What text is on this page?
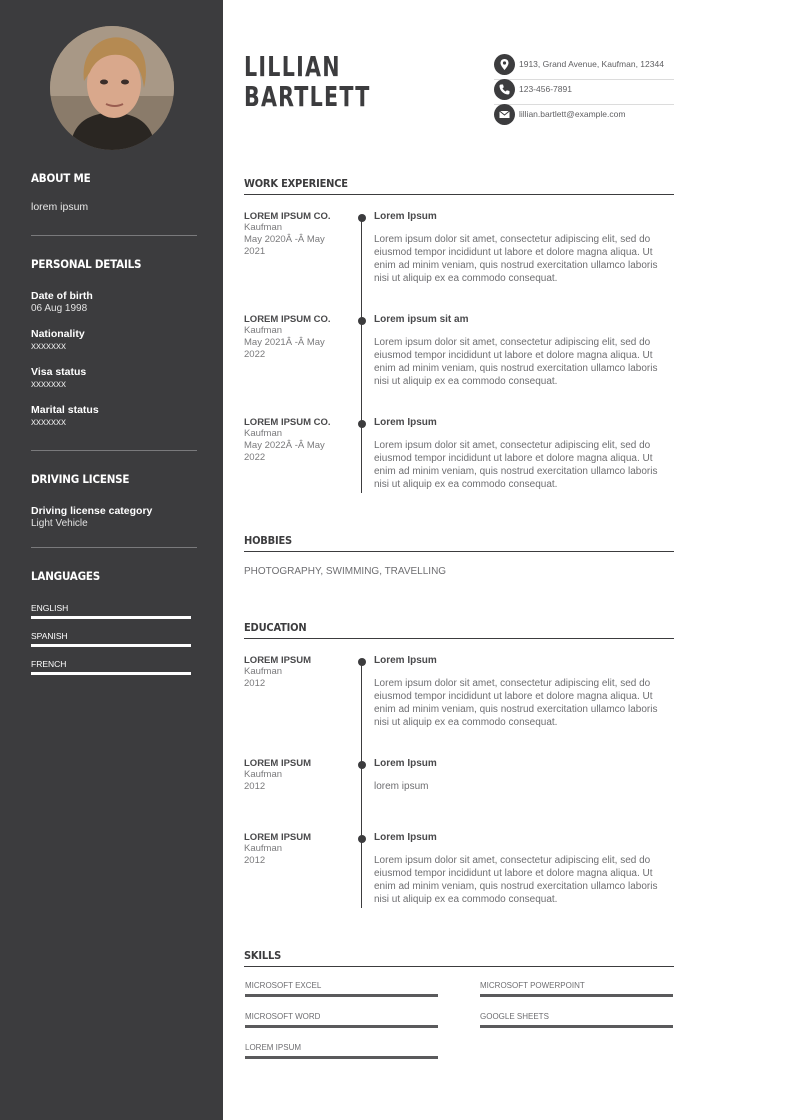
ABOUT ME
lorem ipsum
PERSONAL DETAILS
Date of birth
06 Aug 1998
Nationality
xxxxxxx
Visa status
xxxxxxx
Marital status
xxxxxxx
DRIVING LICENSE
Driving license category
Light Vehicle
LANGUAGES
ENGLISH
SPANISH
FRENCH
LILLIAN
BARTLETT
1913, Grand Avenue, Kaufman, 12344
123-456-7891
lillian.bartlett@example.com
WORK EXPERIENCE
LOREM IPSUM CO.
Kaufman
May 2020Â -Â May
2021
Lorem Ipsum
Lorem ipsum dolor sit amet, consectetur adipiscing elit, sed do eiusmod tempor incididunt ut labore et dolore magna aliqua. Ut enim ad minim veniam, quis nostrud exercitation ullamco laboris nisi ut aliquip ex ea commodo consequat.
LOREM IPSUM CO.
Kaufman
May 2021Â -Â May
2022
Lorem ipsum sit am
Lorem ipsum dolor sit amet, consectetur adipiscing elit, sed do eiusmod tempor incididunt ut labore et dolore magna aliqua. Ut enim ad minim veniam, quis nostrud exercitation ullamco laboris nisi ut aliquip ex ea commodo consequat.
LOREM IPSUM CO.
Kaufman
May 2022Â -Â May
2022
Lorem Ipsum
Lorem ipsum dolor sit amet, consectetur adipiscing elit, sed do eiusmod tempor incididunt ut labore et dolore magna aliqua. Ut enim ad minim veniam, quis nostrud exercitation ullamco laboris nisi ut aliquip ex ea commodo consequat.
HOBBIES
PHOTOGRAPHY, SWIMMING, TRAVELLING
EDUCATION
LOREM IPSUM
Kaufman
2012
Lorem Ipsum
Lorem ipsum dolor sit amet, consectetur adipiscing elit, sed do eiusmod tempor incididunt ut labore et dolore magna aliqua. Ut enim ad minim veniam, quis nostrud exercitation ullamco laboris nisi ut aliquip ex ea commodo consequat.
LOREM IPSUM
Kaufman
2012
Lorem Ipsum
lorem ipsum
LOREM IPSUM
Kaufman
2012
Lorem Ipsum
Lorem ipsum dolor sit amet, consectetur adipiscing elit, sed do eiusmod tempor incididunt ut labore et dolore magna aliqua. Ut enim ad minim veniam, quis nostrud exercitation ullamco laboris nisi ut aliquip ex ea commodo consequat.
SKILLS
MICROSOFT EXCEL	MICROSOFT POWERPOINT
MICROSOFT WORD	GOOGLE SHEETS
LOREM IPSUM
